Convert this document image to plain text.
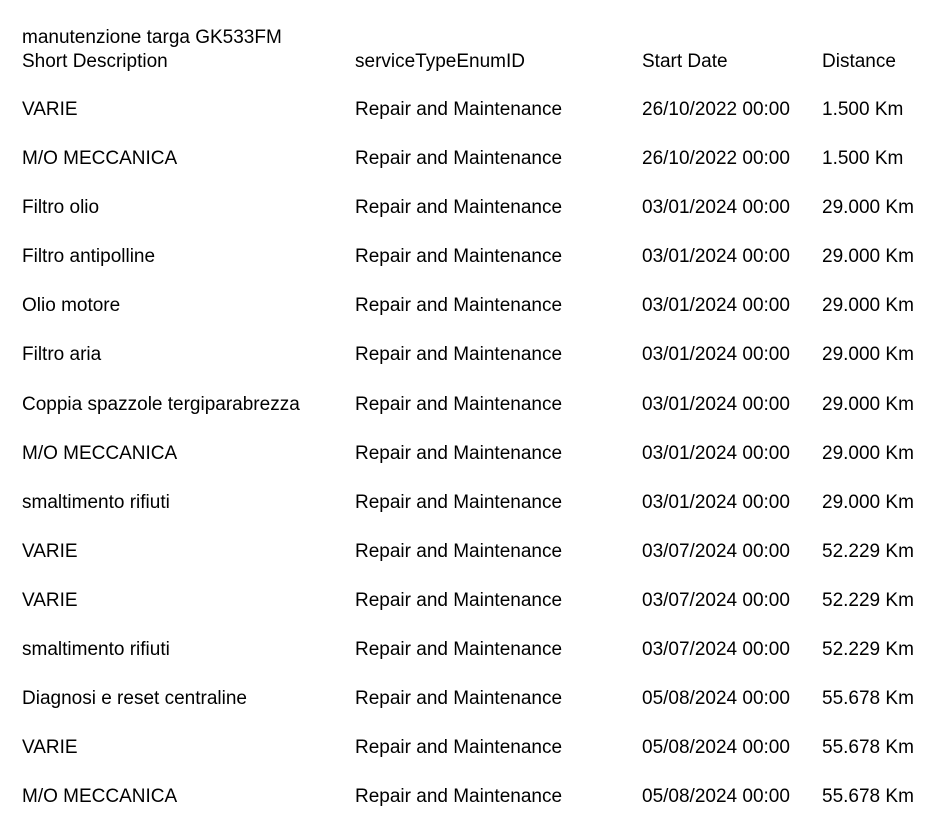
manutenzione targa GK533FM
Short Description	serviceTypeEnumID	Start Date	Distance
VARIE	Repair and Maintenance	26/10/2022 00:00 1.500 Km
M/O MECCANICA	Repair and Maintenance	26/10/2022 00:00 1.500 Km
Filtro olio	Repair and Maintenance	03/01/2024 00:00 29.000 Km
Filtro antipolline	Repair and Maintenance	03/01/2024 00:00 29.000 Km
Olio motore	Repair and Maintenance	03/01/2024 00:00 29.000 Km
Filtro aria	Repair and Maintenance	03/01/2024 00:00 29.000 Km
Coppia spazzole tergiparabrezza	Repair and Maintenance	03/01/2024 00:00 29.000 Km
M/O MECCANICA	Repair and Maintenance	03/01/2024 00:00 29.000 Km
smaltimento rifiuti	Repair and Maintenance	03/01/2024 00:00 29.000 Km
VARIE	Repair and Maintenance	03/07/2024 00:00 52.229 Km
VARIE	Repair and Maintenance	03/07/2024 00:00 52.229 Km
smaltimento rifiuti	Repair and Maintenance	03/07/2024 00:00 52.229 Km
Diagnosi e reset centraline	Repair and Maintenance	05/08/2024 00:00 55.678 Km
VARIE	Repair and Maintenance	05/08/2024 00:00 55.678 Km
M/O MECCANICA	Repair and Maintenance	05/08/2024 00:00 55.678 Km
